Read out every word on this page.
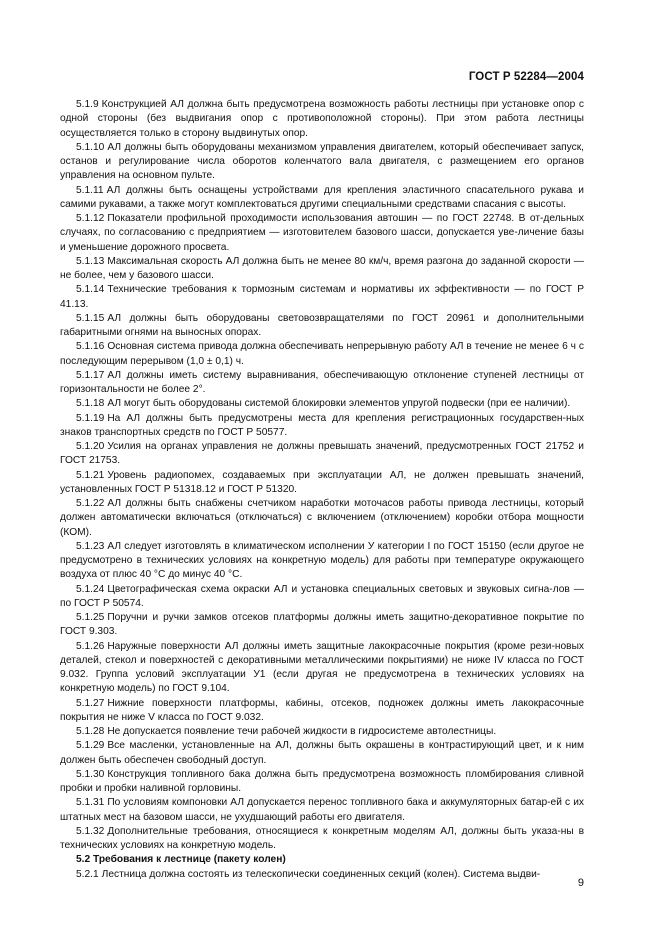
ГОСТ Р 52284—2004

5.1.9 Конструкцией АЛ должна быть предусмотрена возможность работы лестницы при установке опор с одной стороны (без выдвигания опор с противоположной стороны). При этом работа лестницы осуществляется только в сторону выдвинутых опор.

5.1.10 АЛ должны быть оборудованы механизмом управления двигателем, который обеспечивает запуск, останов и регулирование числа оборотов коленчатого вала двигателя, с размещением его органов управления на основном пульте.

5.1.11 АЛ должны быть оснащены устройствами для крепления эластичного спасательного рукава и самими рукавами, а также могут комплектоваться другими специальными средствами спасания с высоты.

5.1.12 Показатели профильной проходимости использования автошин — по ГОСТ 22748. В от-дельных случаях, по согласованию с предприятием — изготовителем базового шасси, допускается уве-личение базы и уменьшение дорожного просвета.

5.1.13 Максимальная скорость АЛ должна быть не менее 80 км/ч, время разгона до заданной скорости — не более, чем у базового шасси.

5.1.14 Технические требования к тормозным системам и нормативы их эффективности — по ГОСТ Р 41.13.

5.1.15 АЛ должны быть оборудованы световозвращателями по ГОСТ 20961 и дополнительными габаритными огнями на выносных опорах.

5.1.16 Основная система привода должна обеспечивать непрерывную работу АЛ в течение не менее 6 ч с последующим перерывом (1,0 ± 0,1) ч.

5.1.17 АЛ должны иметь систему выравнивания, обеспечивающую отклонение ступеней лестницы от горизонтальности не более 2°.

5.1.18 АЛ могут быть оборудованы системой блокировки элементов упругой подвески (при ее наличии).

5.1.19 На АЛ должны быть предусмотрены места для крепления регистрационных государствен-ных знаков транспортных средств по ГОСТ Р 50577.

5.1.20 Усилия на органах управления не должны превышать значений, предусмотренных ГОСТ 21752 и ГОСТ 21753.

5.1.21 Уровень радиопомех, создаваемых при эксплуатации АЛ, не должен превышать значений, установленных ГОСТ Р 51318.12 и ГОСТ Р 51320.

5.1.22 АЛ должны быть снабжены счетчиком наработки моточасов работы привода лестницы, который должен автоматически включаться (отключаться) с включением (отключением) коробки отбора мощности (КОМ).

5.1.23 АЛ следует изготовлять в климатическом исполнении У категории I по ГОСТ 15150 (если другое не предусмотрено в технических условиях на конкретную модель) для работы при температуре окружающего воздуха от плюс 40 °С до минус 40 °С.

5.1.24 Цветографическая схема окраски АЛ и установка специальных световых и звуковых сигна-лов — по ГОСТ Р 50574.

5.1.25 Поручни и ручки замков отсеков платформы должны иметь защитно-декоративное покрытие по ГОСТ 9.303.

5.1.26 Наружные поверхности АЛ должны иметь защитные лакокрасочные покрытия (кроме рези-новых деталей, стекол и поверхностей с декоративными металлическими покрытиями) не ниже IV класса по ГОСТ 9.032. Группа условий эксплуатации У1 (если другая не предусмотрена в технических условиях на конкретную модель) по ГОСТ 9.104.

5.1.27 Нижние поверхности платформы, кабины, отсеков, подножек должны иметь лакокрасочные покрытия не ниже V класса по ГОСТ 9.032.

5.1.28 Не допускается появление течи рабочей жидкости в гидросистеме автолестницы.

5.1.29 Все масленки, установленные на АЛ, должны быть окрашены в контрастирующий цвет, и к ним должен быть обеспечен свободный доступ.

5.1.30 Конструкция топливного бака должна быть предусмотрена возможность пломбирования сливной пробки и пробки наливной горловины.

5.1.31 По условиям компоновки АЛ допускается перенос топливного бака и аккумуляторных батар-ей с их штатных мест на базовом шасси, не ухудшающий работы его двигателя.

5.1.32 Дополнительные требования, относящиеся к конкретным моделям АЛ, должны быть указа-ны в технических условиях на конкретную модель.

5.2 Требования к лестнице (пакету колен)

5.2.1 Лестница должна состоять из телескопически соединенных секций (колен). Система выдви-

9
